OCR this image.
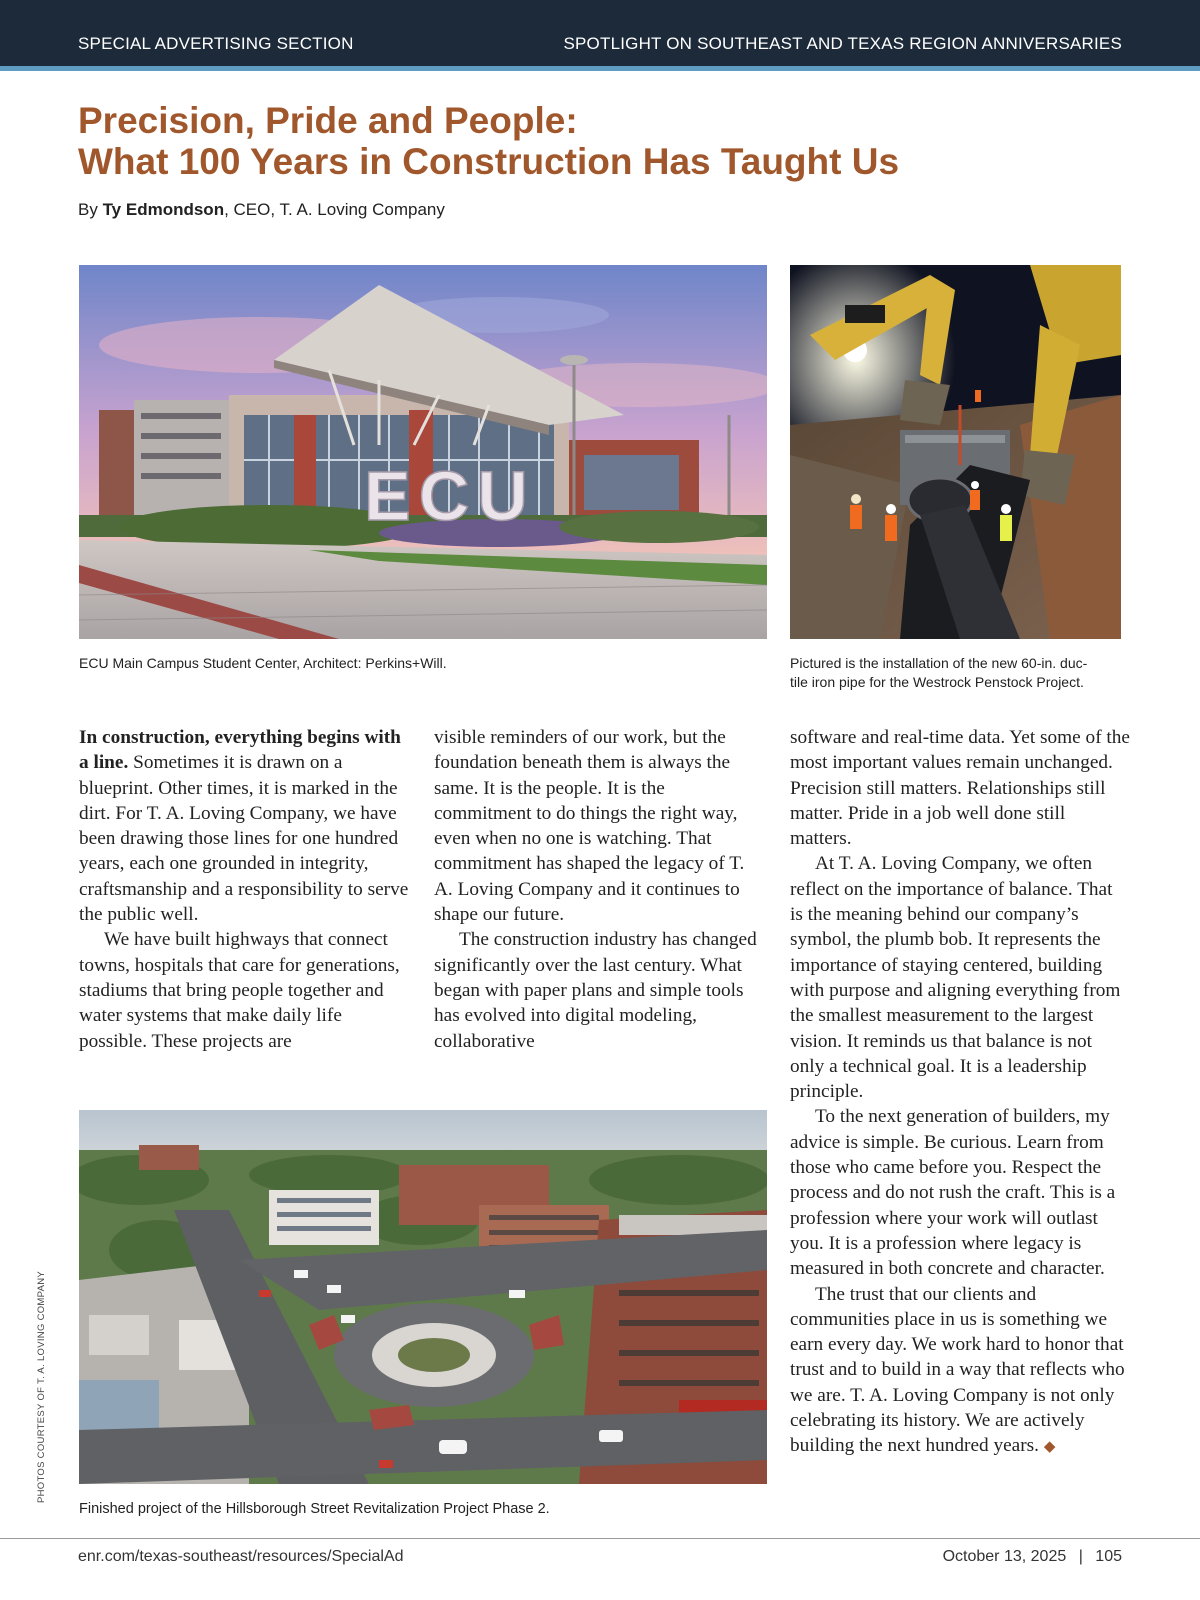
SPECIAL ADVERTISING SECTION	SPOTLIGHT ON SOUTHEAST AND TEXAS REGION ANNIVERSARIES
Precision, Pride and People:
What 100 Years in Construction Has Taught Us
By Ty Edmondson, CEO, T. A. Loving Company
ECU
ECU Main Campus Student Center, Architect: Perkins+Will.	Pictured is the installation of the new 60-in. duc-
tile iron pipe for the Westrock Penstock Project.

In construction, everything begins with a line. Sometimes it is drawn on a blueprint. Other times, it is marked in the dirt. For T. A. Loving Company, we have been drawing those lines for one hundred years, each one grounded in integrity, craftsmanship and a responsibility to serve the public well.

We have built highways that connect towns, hospitals that care for generations, stadiums that bring people together and water systems that make daily life possible. These projects are

visible reminders of our work, but the foundation beneath them is always the same. It is the people. It is the commitment to do things the right way, even when no one is watching. That commitment has shaped the legacy of T. A. Loving Company and it continues to shape our future.

The construction industry has changed significantly over the last century. What began with paper plans and simple tools has evolved into digital modeling, collaborative

Finished project of the Hillsborough Street Revitalization Project Phase 2.

software and real-time data. Yet some of the most important values remain unchanged. Precision still matters. Relationships still matter. Pride in a job well done still matters.

At T. A. Loving Company, we often reflect on the importance of balance. That is the meaning behind our company’s symbol, the plumb bob. It represents the importance of staying centered, building with purpose and aligning everything from the smallest measurement to the largest vision. It reminds us that balance is not only a technical goal. It is a leadership principle.

To the next generation of builders, my advice is simple. Be curious. Learn from those who came before you. Respect the process and do not rush the craft. This is a profession where your work will outlast you. It is a profession where legacy is measured in both concrete and character.

The trust that our clients and communities place in us is something we earn every day. We work hard to honor that trust and to build in a way that reflects who we are. T. A. Loving Company is not only celebrating its history. We are actively building the next hundred years. ◆

PHOTOS COURTESY OF T. A. LOVING COMPANY
enr.com/texas-southeast/resources/SpecialAd	October 13, 2025 | 105
